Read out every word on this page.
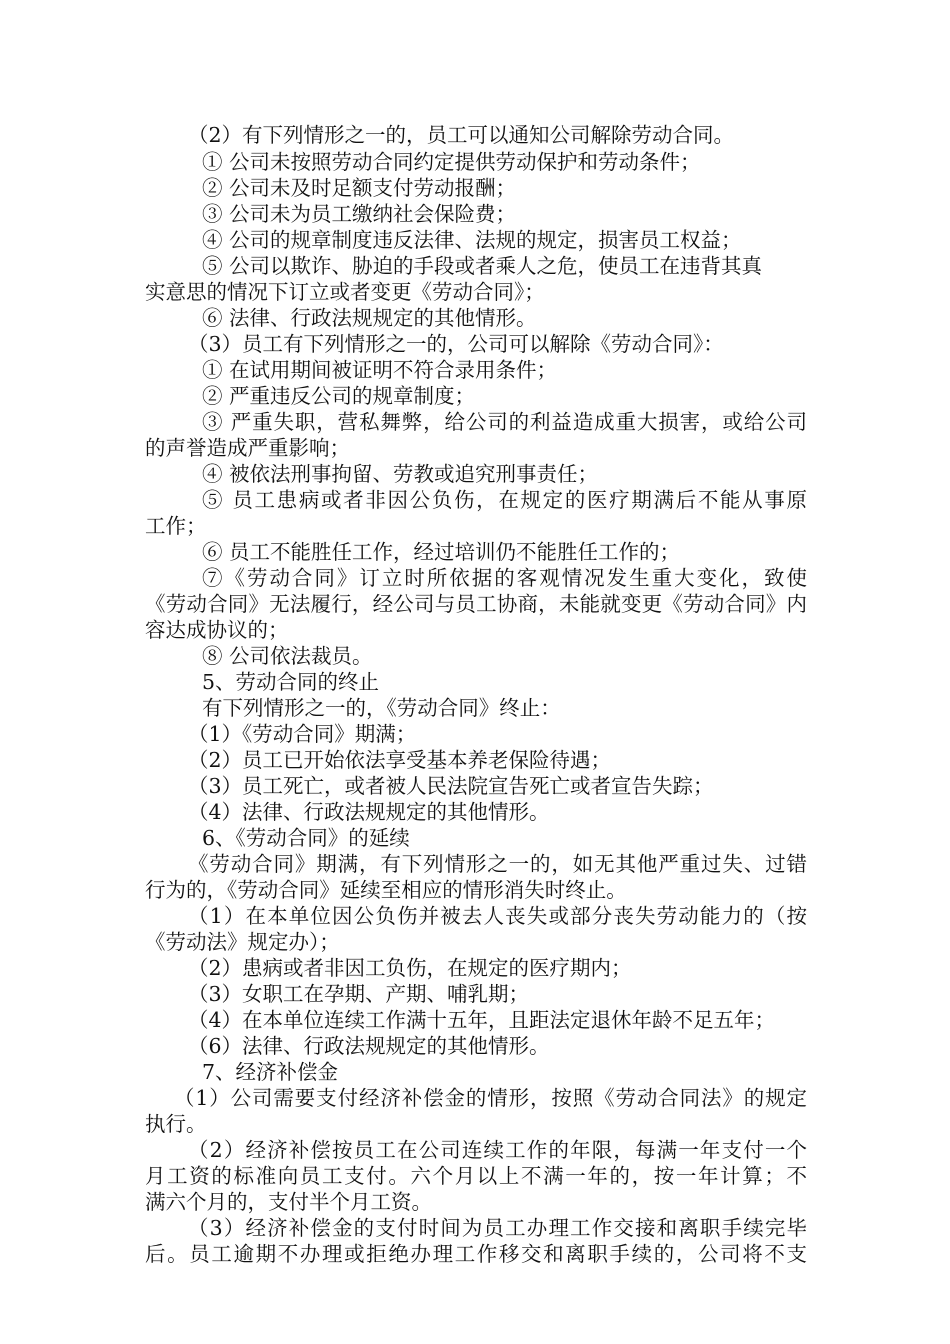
（2）有下列情形之一的，员工可以通知公司解除劳动合同。
① 公司未按照劳动合同约定提供劳动保护和劳动条件；
② 公司未及时足额支付劳动报酬；
③ 公司未为员工缴纳社会保险费；
④ 公司的规章制度违反法律、法规的规定，损害员工权益；
⑤ 公司以欺诈、胁迫的手段或者乘人之危，使员工在违背其真
实意思的情况下订立或者变更《劳动合同》；
⑥ 法律、行政法规规定的其他情形。
（3）员工有下列情形之一的，公司可以解除《劳动合同》：
① 在试用期间被证明不符合录用条件；
② 严重违反公司的规章制度；
③ 严重失职，营私舞弊，给公司的利益造成重大损害，或给公司
的声誉造成严重影响；
④ 被依法刑事拘留、劳教或追究刑事责任；
⑤ 员工患病或者非因公负伤，在规定的医疗期满后不能从事原
工作；
⑥ 员工不能胜任工作，经过培训仍不能胜任工作的；
⑦《劳动合同》订立时所依据的客观情况发生重大变化，致使
《劳动合同》无法履行，经公司与员工协商，未能就变更《劳动合同》内
容达成协议的；
⑧ 公司依法裁员。
5、劳动合同的终止
有下列情形之一的，《劳动合同》终止：
（1）《劳动合同》期满；
（2）员工已开始依法享受基本养老保险待遇；
（3）员工死亡，或者被人民法院宣告死亡或者宣告失踪；
（4）法律、行政法规规定的其他情形。
6、《劳动合同》的延续
《劳动合同》期满，有下列情形之一的，如无其他严重过失、过错
行为的，《劳动合同》延续至相应的情形消失时终止。
（1）在本单位因公负伤并被去人丧失或部分丧失劳动能力的（按
《劳动法》规定办）；
（2）患病或者非因工负伤，在规定的医疗期内；
（3）女职工在孕期、产期、哺乳期；
（4）在本单位连续工作满十五年，且距法定退休年龄不足五年；
（6）法律、行政法规规定的其他情形。
7、经济补偿金
（1）公司需要支付经济补偿金的情形，按照《劳动合同法》的规定
执行。
（2）经济补偿按员工在公司连续工作的年限，每满一年支付一个
月工资的标准向员工支付。六个月以上不满一年的，按一年计算；不
满六个月的，支付半个月工资。
（3）经济补偿金的支付时间为员工办理工作交接和离职手续完毕
后。员工逾期不办理或拒绝办理工作移交和离职手续的，公司将不支
